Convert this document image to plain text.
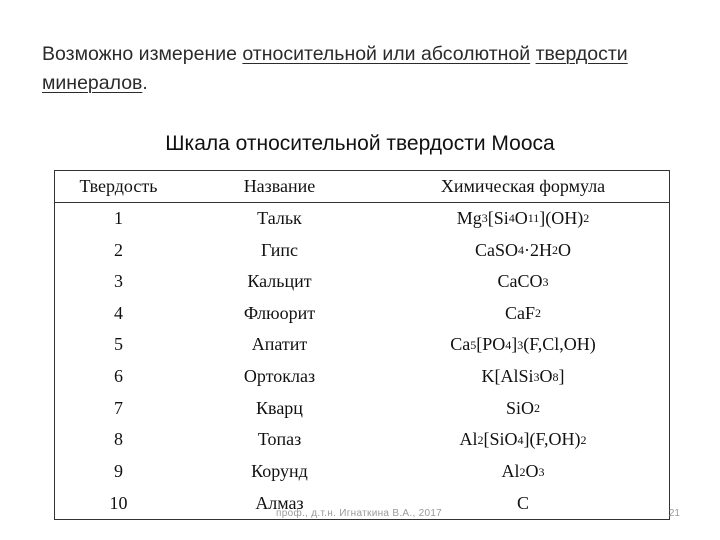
Возможно измерение относительной или абсолютной твердости минералов.
Шкала относительной твердости Мооса
Твердость	Название	Химическая формула
1	Тальк	Mg 3 [Si 4 O 11 ](OH) 2
2	Гипс	CaSO 4 ·2H 2 O
3	Кальцит	CaCO 3
4	Флюорит	CaF 2
5	Апатит	Ca 5 [PO 4 ] 3 (F,Cl,OH)
6	Ортоклаз	K[AlSi 3 O 8 ]
7	Кварц	SiO 2
8	Топаз	Al 2 [SiO 4 ](F,OH) 2
9	Корунд	Al 2 O 3
10	Алмаз	C
проф., д.т.н. Игнаткина В.А., 2017	21
